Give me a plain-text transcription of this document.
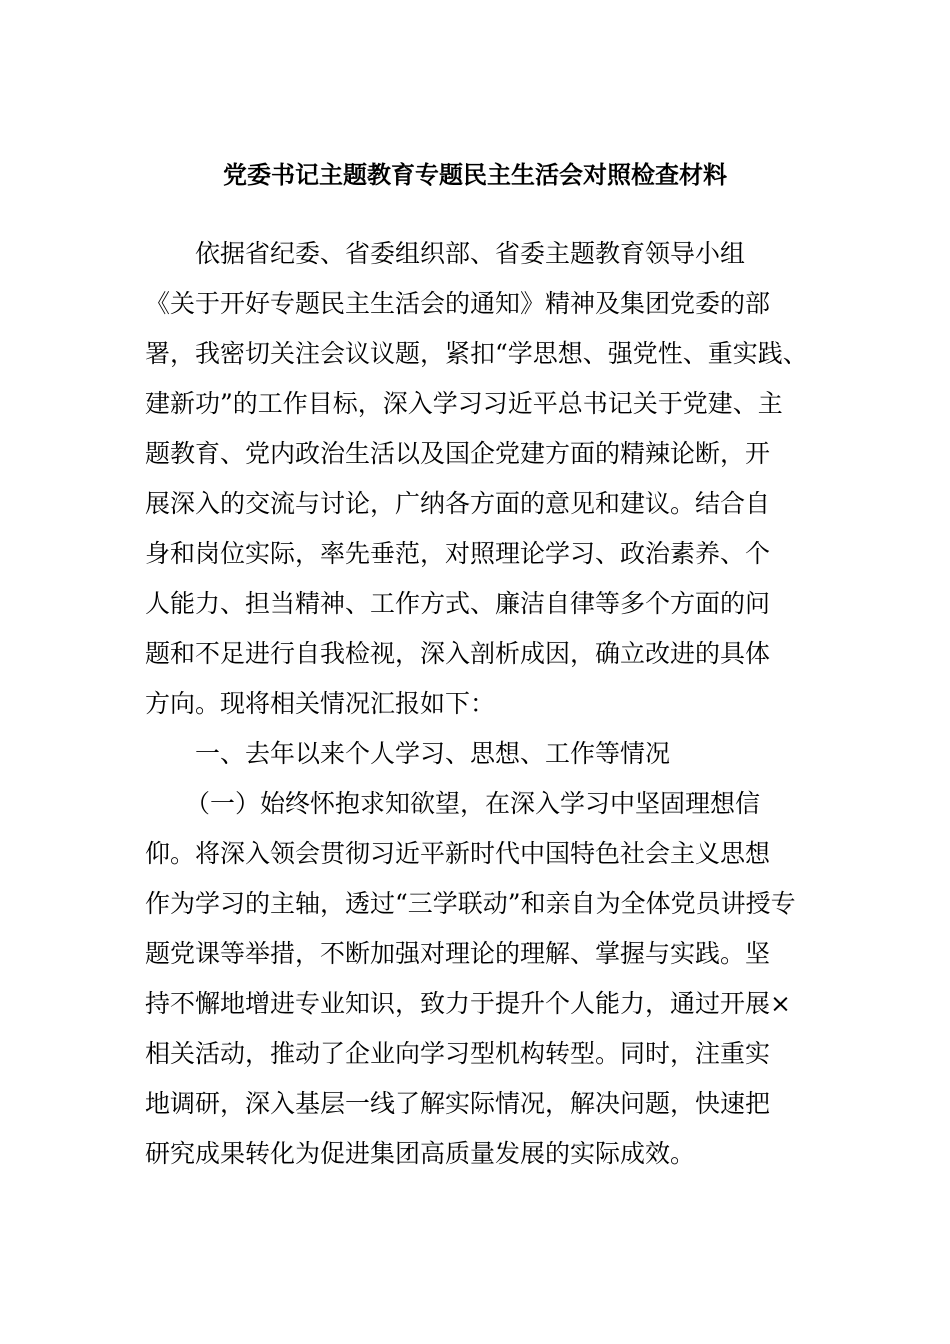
党委书记主题教育专题民主生活会对照检查材料
依据省纪委、省委组织部、省委主题教育领导小组
《关于开好专题民主生活会的通知》精神及集团党委的部
署，我密切关注会议议题，紧扣“学思想、强党性、重实践、
建新功”的工作目标，深入学习习近平总书记关于党建、主
题教育、党内政治生活以及国企党建方面的精辣论断，开
展深入的交流与讨论，广纳各方面的意见和建议。结合自
身和岗位实际，率先垂范，对照理论学习、政治素养、个
人能力、担当精神、工作方式、廉洁自律等多个方面的问
题和不足进行自我检视，深入剖析成因，确立改进的具体
方向。现将相关情况汇报如下：
一、去年以来个人学习、思想、工作等情况
（一）始终怀抱求知欲望，在深入学习中坚固理想信
仰。将深入领会贯彻习近平新时代中国特色社会主义思想
作为学习的主轴，透过“三学联动”和亲自为全体党员讲授专
题党课等举措，不断加强对理论的理解、掌握与实践。坚
持不懈地增进专业知识，致力于提升个人能力，通过开展×
相关活动，推动了企业向学习型机构转型。同时，注重实
地调研，深入基层一线了解实际情况，解决问题，快速把
研究成果转化为促进集团高质量发展的实际成效。
